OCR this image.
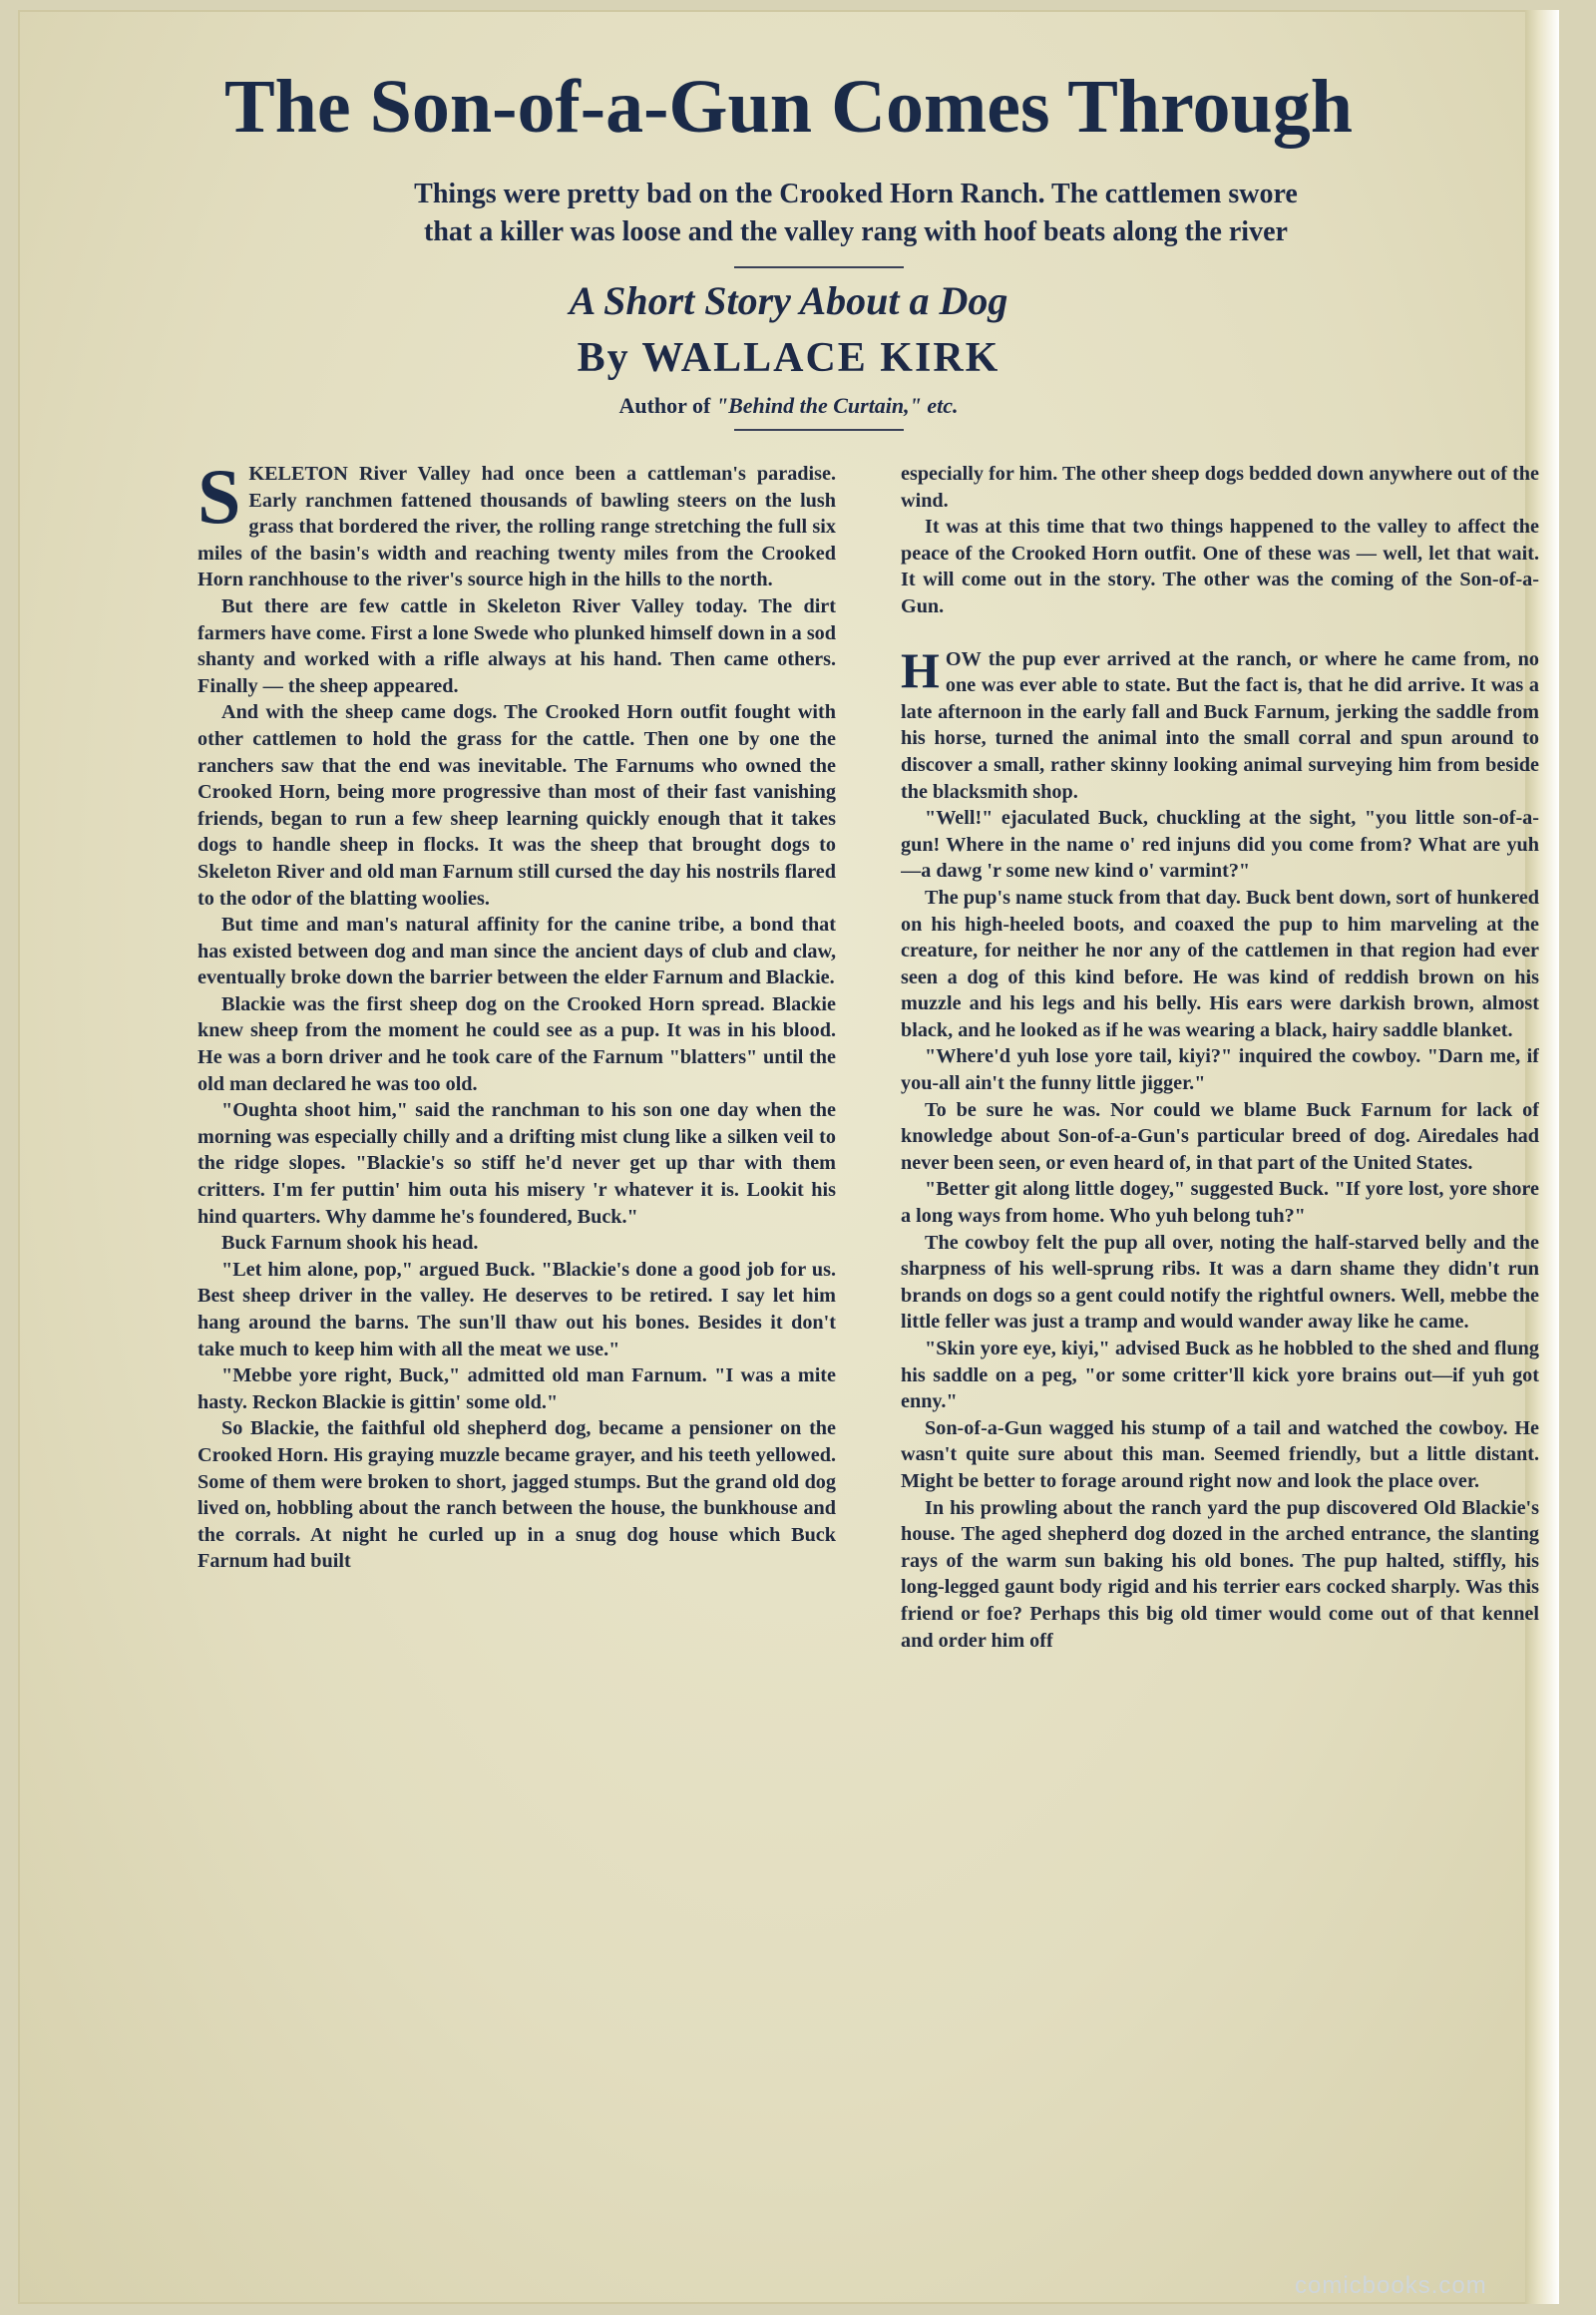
The Son-of-a-Gun Comes Through
Things were pretty bad on the Crooked Horn Ranch. The cattlemen swore
that a killer was loose and the valley rang with hoof beats along the river
A Short Story About a Dog
By WALLACE KIRK
Author of "Behind the Curtain," etc.

SKELETON River Valley had once been a cattleman's paradise. Early ranchmen fattened thousands of bawling steers on the lush grass that bordered the river, the rolling range stretching the full six miles of the basin's width and reaching twenty miles from the Crooked Horn ranchhouse to the river's source high in the hills to the north.

But there are few cattle in Skeleton River Valley today. The dirt farmers have come. First a lone Swede who plunked himself down in a sod shanty and worked with a rifle always at his hand. Then came others. Finally — the sheep appeared.

And with the sheep came dogs. The Crooked Horn outfit fought with other cattlemen to hold the grass for the cattle. Then one by one the ranchers saw that the end was inevitable. The Farnums who owned the Crooked Horn, being more progressive than most of their fast vanishing friends, began to run a few sheep learning quickly enough that it takes dogs to handle sheep in flocks. It was the sheep that brought dogs to Skeleton River and old man Farnum still cursed the day his nostrils flared to the odor of the blatting woolies.

But time and man's natural affinity for the canine tribe, a bond that has existed between dog and man since the ancient days of club and claw, eventually broke down the barrier between the elder Farnum and Blackie.

Blackie was the first sheep dog on the Crooked Horn spread. Blackie knew sheep from the moment he could see as a pup. It was in his blood. He was a born driver and he took care of the Farnum "blatters" until the old man declared he was too old.

"Oughta shoot him," said the ranchman to his son one day when the morning was especially chilly and a drifting mist clung like a silken veil to the ridge slopes. "Blackie's so stiff he'd never get up thar with them critters. I'm fer puttin' him outa his misery 'r whatever it is. Lookit his hind quarters. Why damme he's foundered, Buck."

Buck Farnum shook his head.

"Let him alone, pop," argued Buck. "Blackie's done a good job for us. Best sheep driver in the valley. He deserves to be retired. I say let him hang around the barns. The sun'll thaw out his bones. Besides it don't take much to keep him with all the meat we use."

"Mebbe yore right, Buck," admitted old man Farnum. "I was a mite hasty. Reckon Blackie is gittin' some old."

So Blackie, the faithful old shepherd dog, became a pensioner on the Crooked Horn. His graying muzzle became grayer, and his teeth yellowed. Some of them were broken to short, jagged stumps. But the grand old dog lived on, hobbling about the ranch between the house, the bunkhouse and the corrals. At night he curled up in a snug dog house which Buck Farnum had built

especially for him. The other sheep dogs bedded down anywhere out of the wind.

It was at this time that two things happened to the valley to affect the peace of the Crooked Horn outfit. One of these was — well, let that wait. It will come out in the story. The other was the coming of the Son-of-a-Gun.

HOW the pup ever arrived at the ranch, or where he came from, no one was ever able to state. But the fact is, that he did arrive. It was a late afternoon in the early fall and Buck Farnum, jerking the saddle from his horse, turned the animal into the small corral and spun around to discover a small, rather skinny looking animal surveying him from beside the blacksmith shop.

"Well!" ejaculated Buck, chuckling at the sight, "you little son-of-a-gun! Where in the name o' red injuns did you come from? What are yuh—a dawg 'r some new kind o' varmint?"

The pup's name stuck from that day. Buck bent down, sort of hunkered on his high-heeled boots, and coaxed the pup to him marveling at the creature, for neither he nor any of the cattlemen in that region had ever seen a dog of this kind before. He was kind of reddish brown on his muzzle and his legs and his belly. His ears were darkish brown, almost black, and he looked as if he was wearing a black, hairy saddle blanket.

"Where'd yuh lose yore tail, kiyi?" inquired the cowboy. "Darn me, if you-all ain't the funny little jigger."

To be sure he was. Nor could we blame Buck Farnum for lack of knowledge about Son-of-a-Gun's particular breed of dog. Airedales had never been seen, or even heard of, in that part of the United States.

"Better git along little dogey," suggested Buck. "If yore lost, yore shore a long ways from home. Who yuh belong tuh?"

The cowboy felt the pup all over, noting the half-starved belly and the sharpness of his well-sprung ribs. It was a darn shame they didn't run brands on dogs so a gent could notify the rightful owners. Well, mebbe the little feller was just a tramp and would wander away like he came.

"Skin yore eye, kiyi," advised Buck as he hobbled to the shed and flung his saddle on a peg, "or some critter'll kick yore brains out—if yuh got enny."

Son-of-a-Gun wagged his stump of a tail and watched the cowboy. He wasn't quite sure about this man. Seemed friendly, but a little distant. Might be better to forage around right now and look the place over.

In his prowling about the ranch yard the pup discovered Old Blackie's house. The aged shepherd dog dozed in the arched entrance, the slanting rays of the warm sun baking his old bones. The pup halted, stiffly, his long-legged gaunt body rigid and his terrier ears cocked sharply. Was this friend or foe? Perhaps this big old timer would come out of that kennel and order him off

comicbooks.com
